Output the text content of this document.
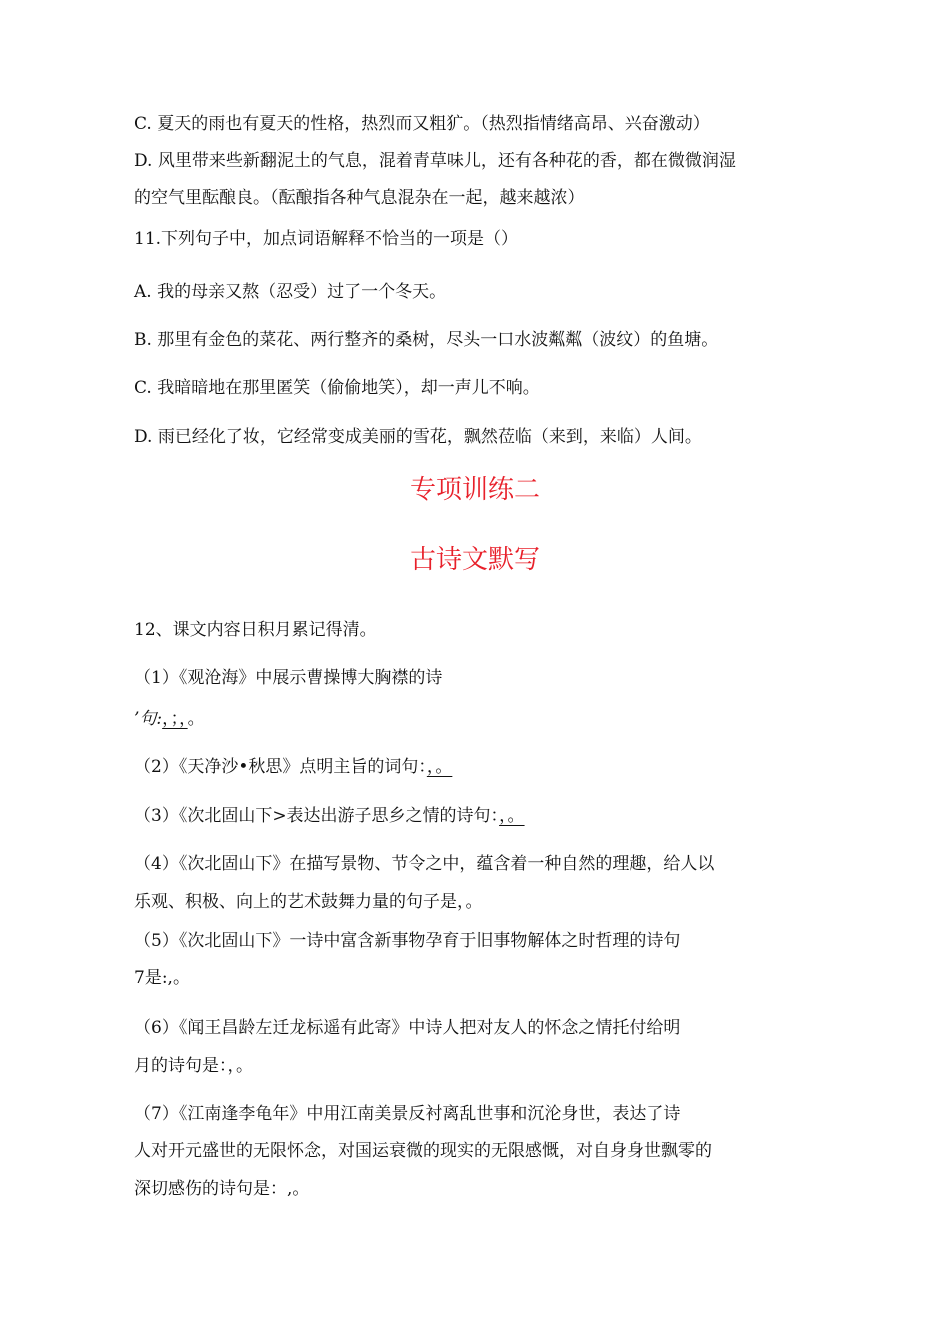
C. 夏天的雨也有夏天的性格，热烈而又粗犷。（热烈指情绪高昂、兴奋激动）
D. 风里带来些新翻泥土的气息，混着青草味儿，还有各种花的香，都在微微润湿
的空气里酝酿良。（酝酿指各种气息混杂在一起，越来越浓）
11.下列句子中，加点词语解释不恰当的一项是（）
A. 我的母亲又熬（忍受）过了一个冬天。
B. 那里有金色的菜花、两行整齐的桑树，尽头一口水波粼粼（波纹）的鱼塘。
C. 我暗暗地在那里匿笑（偷偷地笑），却一声儿不响。
D. 雨已经化了妆，它经常变成美丽的雪花，飘然莅临（来到，来临）人间。
专项训练二
古诗文默写
12、课文内容日积月累记得清。
（1）《观沧海》中展示曹操博大胸襟的诗
’句:，；，。
（2）《天净沙•秋思》点明主旨的词句：，。
（3）《次北固山下>表达出游子思乡之情的诗句：，。
（4）《次北固山下》在描写景物、节令之中，蕴含着一种自然的理趣，给人以
乐观、积极、向上的艺术鼓舞力量的句子是，。
（5）《次北固山下》一诗中富含新事物孕育于旧事物解体之时哲理的诗句
7是:,。
（6）《闻王昌龄左迁龙标遥有此寄》中诗人把对友人的怀念之情托付给明
月的诗句是：，。
（7）《江南逢李龟年》中用江南美景反衬离乱世事和沉沦身世，表达了诗
人对开元盛世的无限怀念，对国运衰微的现实的无限感慨，对自身身世飘零的
深切感伤的诗句是：,。
